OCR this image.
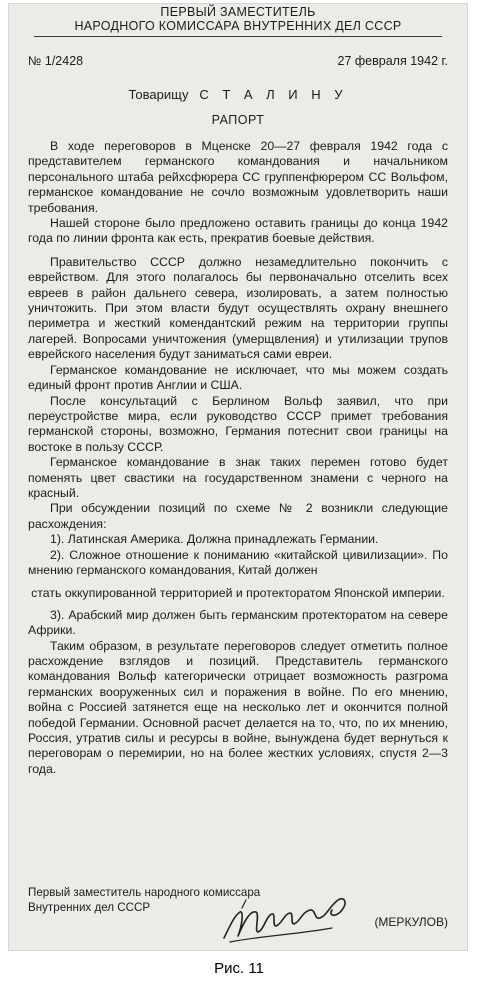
ПЕРВЫЙ ЗАМЕСТИТЕЛЬ
НАРОДНОГО КОМИССАРА ВНУТРЕННИХ ДЕЛ СССР
№ 1/2428	27 февраля 1942 г.
Товарищу С Т А Л И Н У
РАПОРТ

В ходе переговоров в Мценске 20—27 февраля 1942 года с представителем германского командования и начальником персонального штаба рейхсфюрера СС группенфюрером СС Вольфом, германское командование не сочло возможным удовлетворить наши требования.

Нашей стороне было предложено оставить границы до конца 1942 года по линии фронта как есть, прекратив боевые действия.

Правительство СССР должно незамедлительно покончить с еврейством. Для этого полагалось бы первоначально отселить всех евреев в район дальнего севера, изолировать, а затем полностью уничтожить. При этом власти будут осуществлять охрану внешнего периметра и жесткий комендантский режим на территории группы лагерей. Вопросами уничтожения (умерщвления) и утилизации трупов еврейского населения будут заниматься сами евреи.

Германское командование не исключает, что мы можем создать единый фронт против Англии и США.

После консультаций с Берлином Вольф заявил, что при переустройстве мира, если руководство СССР примет требования германской стороны, возможно, Германия потеснит свои границы на востоке в пользу СССР.

Германское командование в знак таких перемен готово будет поменять цвет свастики на государственном знамени с черного на красный.

При обсуждении позиций по схеме № 2 возникли следующие расхождения:

1). Латинская Америка. Должна принадлежать Германии.

2). Сложное отношение к пониманию «китайской цивилизации». По мнению германского командования, Китай должен

стать оккупированной территорией и протекторатом Японской империи.

3). Арабский мир должен быть германским протекторатом на севере Африки.

Таким образом, в результате переговоров следует отметить полное расхождение взглядов и позиций. Представитель германского командования Вольф категорически отрицает возможность разгрома германских вооруженных сил и поражения в войне. По его мнению, война с Россией затянется еще на несколько лет и окончится полной победой Германии. Основной расчет делается на то, что, по их мнению, Россия, утратив силы и ресурсы в войне, вынуждена будет вернуться к переговорам о перемирии, но на более жестких условиях, спустя 2—3 года.

Первый заместитель народного комиссара
Внутренних дел СССР
(МЕРКУЛОВ)
Рис. 11
